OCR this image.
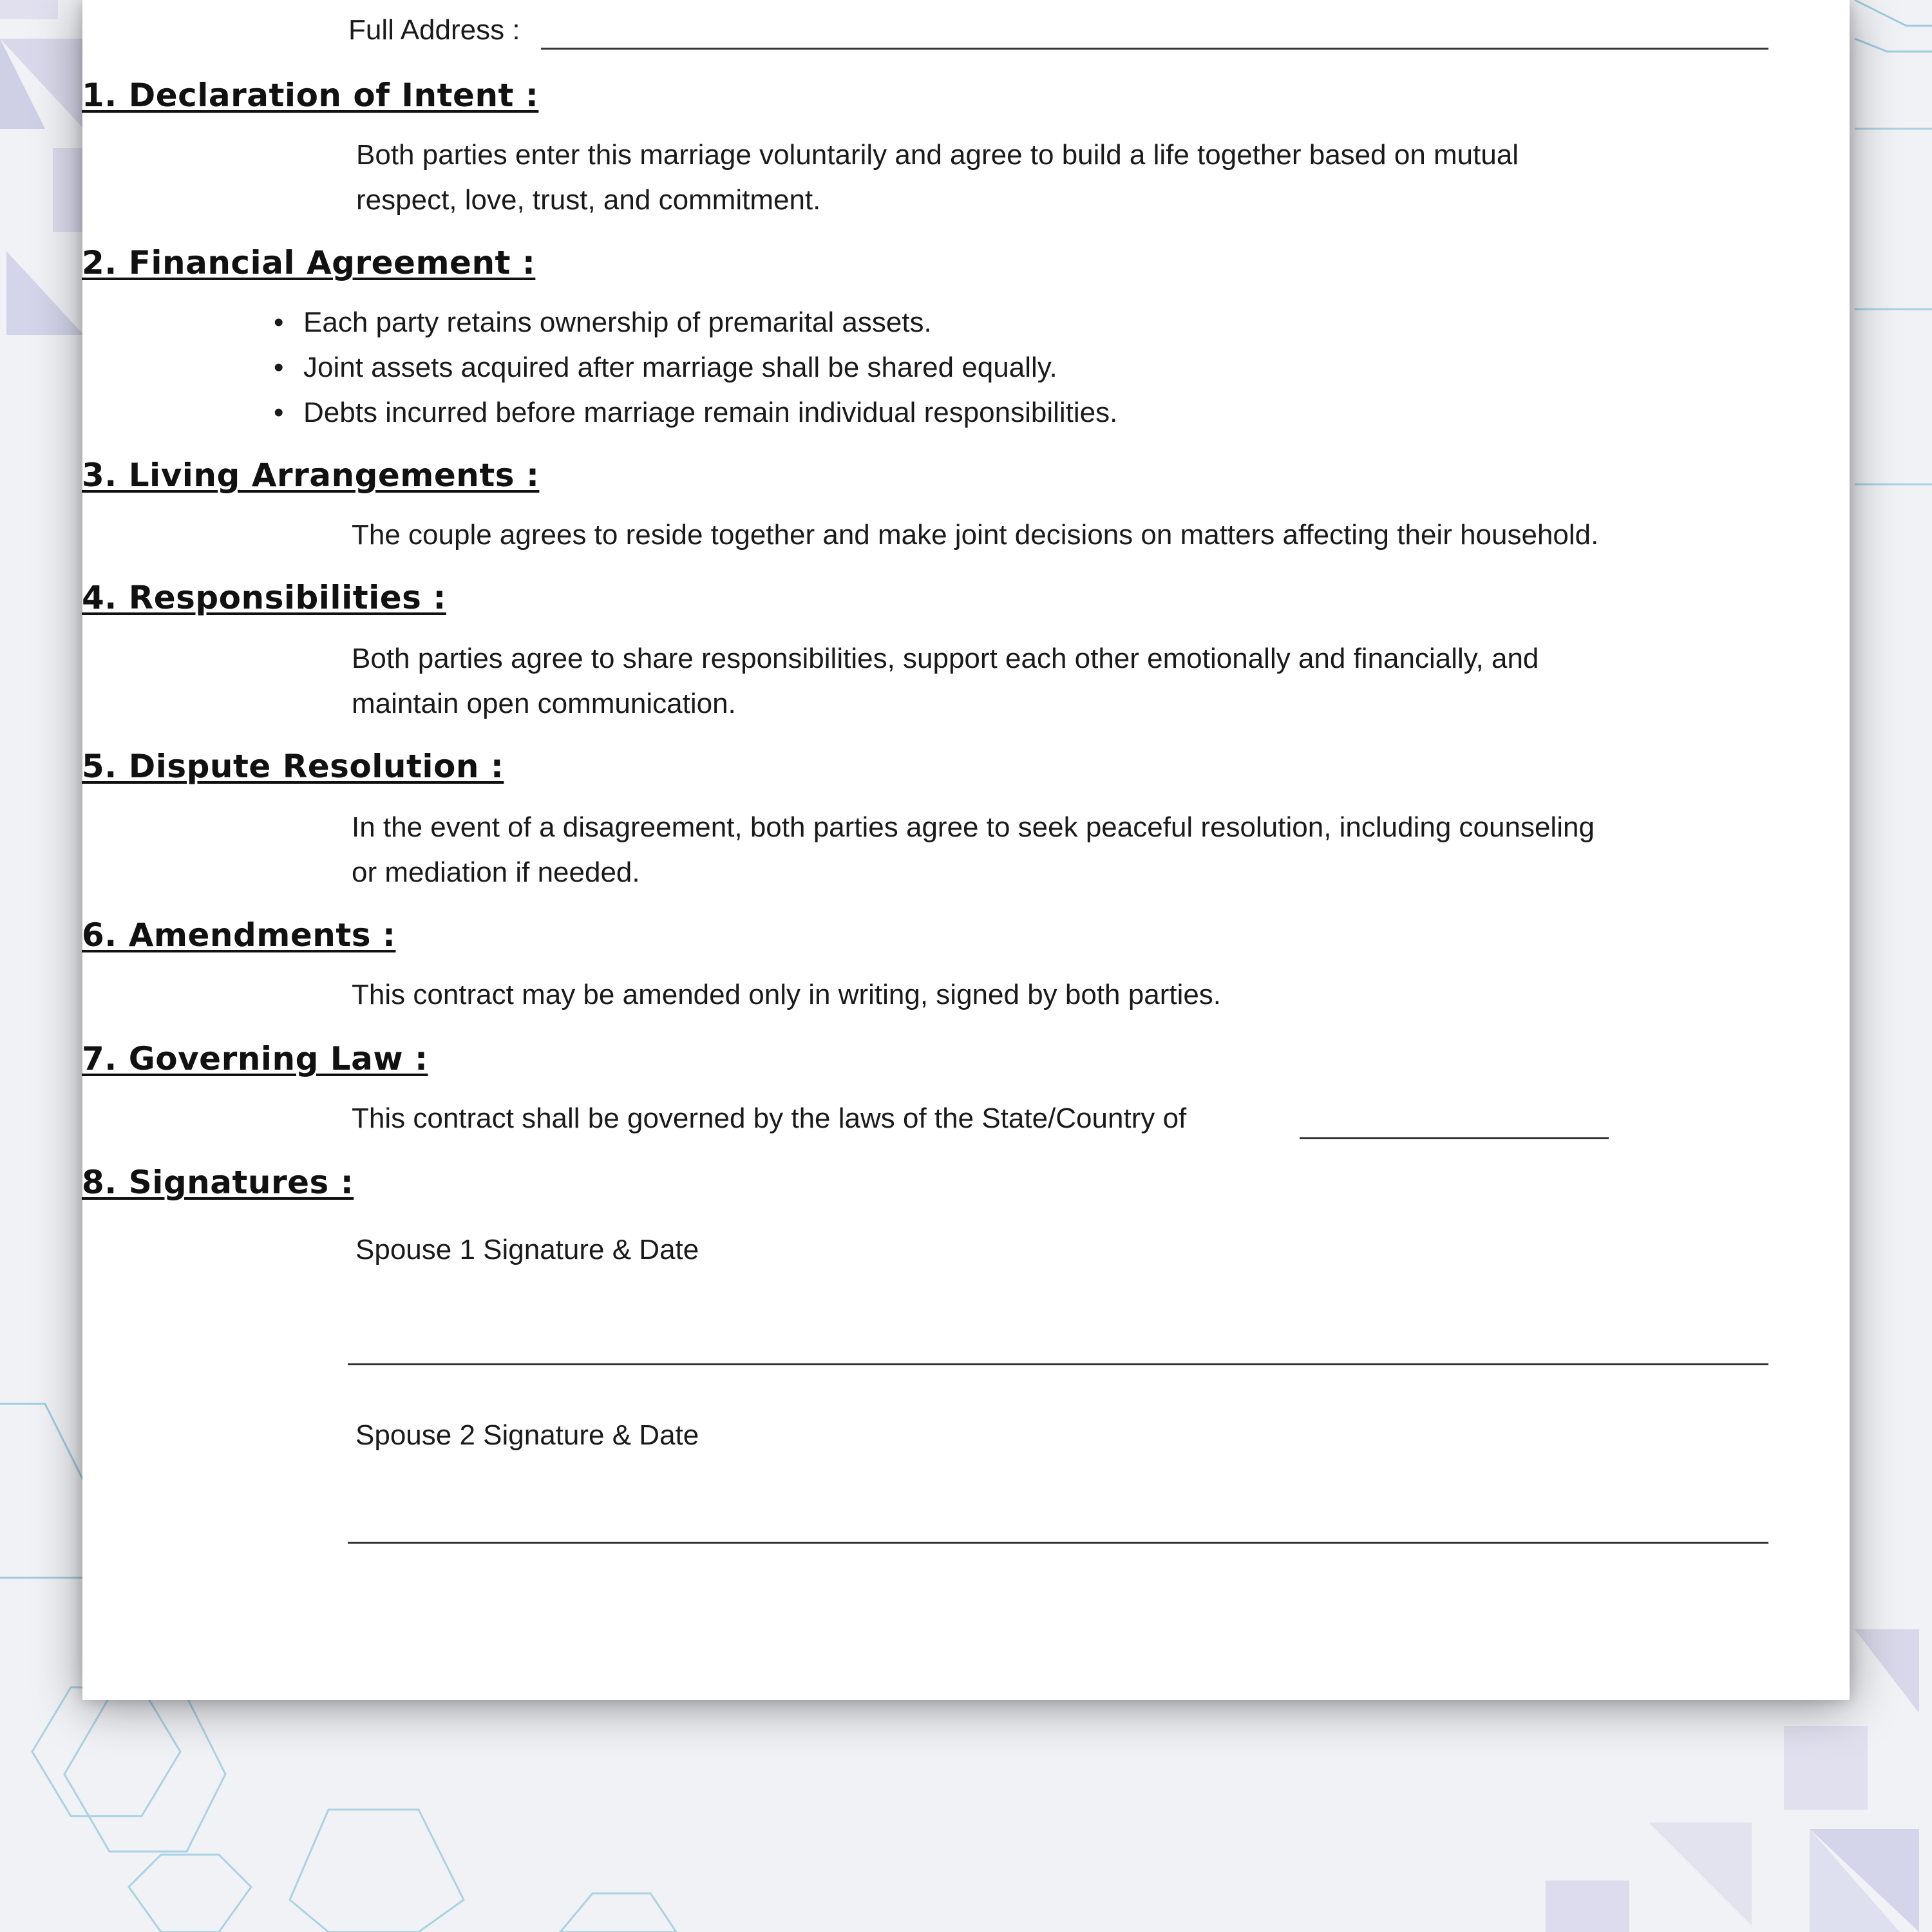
Full Address :

1. Declaration of Intent :

Both parties enter this marriage voluntarily and agree to build a life together based on mutual

respect, love, trust, and commitment.

2. Financial Agreement :
• Each party retains ownership of premarital assets.
• Joint assets acquired after marriage shall be shared equally.
• Debts incurred before marriage remain individual responsibilities.
3. Living Arrangements :

The couple agrees to reside together and make joint decisions on matters affecting their household.

4. Responsibilities :

Both parties agree to share responsibilities, support each other emotionally and financially, and

maintain open communication.

5. Dispute Resolution :

In the event of a disagreement, both parties agree to seek peaceful resolution, including counseling

or mediation if needed.

6. Amendments :

This contract may be amended only in writing, signed by both parties.

7. Governing Law :

This contract shall be governed by the laws of the State/Country of

8. Signatures :

Spouse 1 Signature & Date

Spouse 2 Signature & Date
